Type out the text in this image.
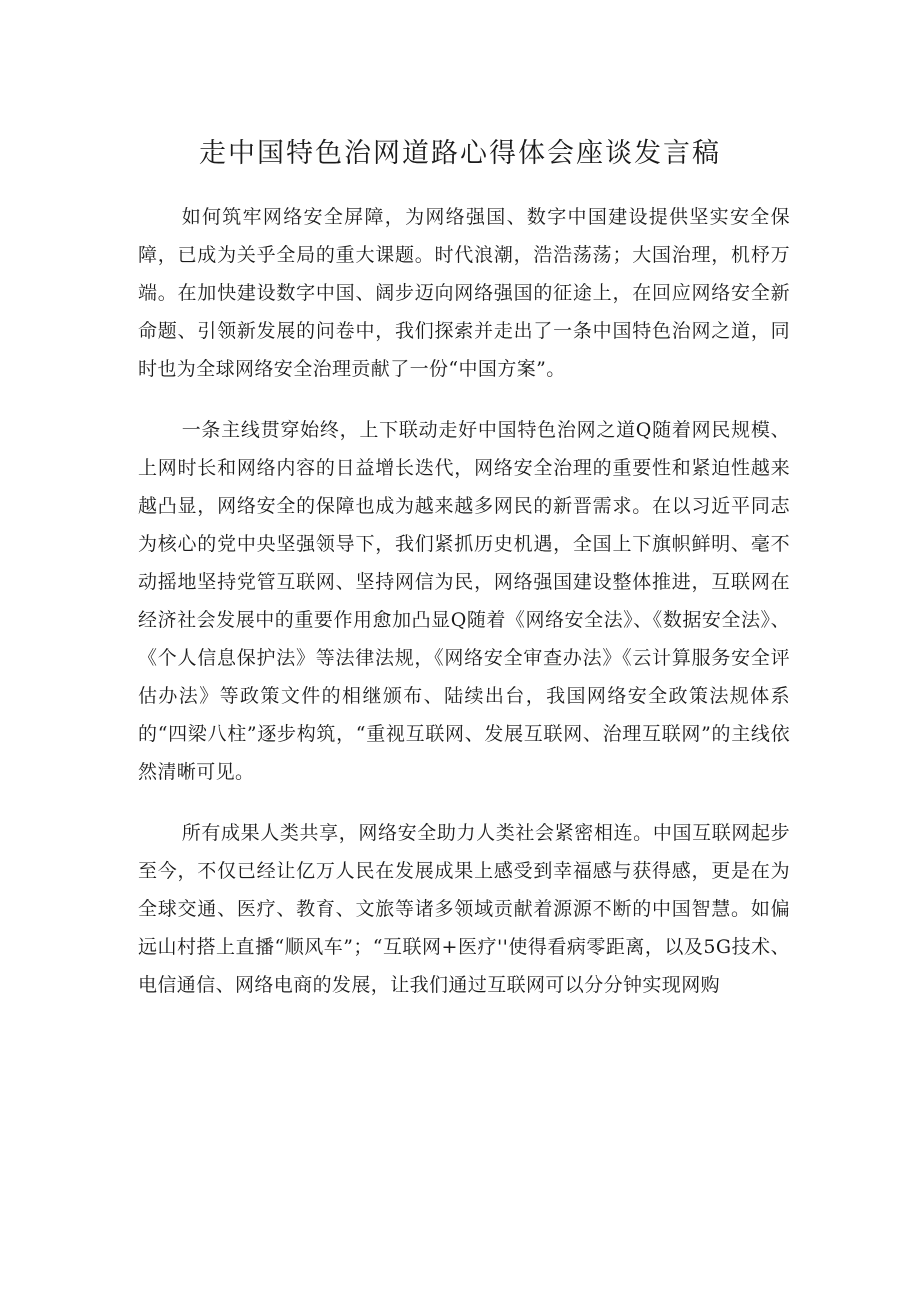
走中国特色治网道路心得体会座谈发言稿

如何筑牢网络安全屏障，为网络强国、数字中国建设提供坚实安全保障，已成为关乎全局的重大课题。时代浪潮，浩浩荡荡；大国治理，机杼万端。在加快建设数字中国、阔步迈向网络强国的征途上，在回应网络安全新命题、引领新发展的问卷中，我们探索并走出了一条中国特色治网之道，同时也为全球网络安全治理贡献了一份“中国方案”。

一条主线贯穿始终，上下联动走好中国特色治网之道Q随着网民规模、上网时长和网络内容的日益增长迭代，网络安全治理的重要性和紧迫性越来越凸显，网络安全的保障也成为越来越多网民的新晋需求。在以习近平同志为核心的党中央坚强领导下，我们紧抓历史机遇，全国上下旗帜鲜明、毫不动摇地坚持党管互联网、坚持网信为民，网络强国建设整体推进，互联网在经济社会发展中的重要作用愈加凸显Q随着《网络安全法》、《数据安全法》、《个人信息保护法》等法律法规，《网络安全审查办法》《云计算服务安全评估办法》等政策文件的相继颁布、陆续出台，我国网络安全政策法规体系的“四梁八柱”逐步构筑，“重视互联网、发展互联网、治理互联网”的主线依然清晰可见。

所有成果人类共享，网络安全助力人类社会紧密相连。中国互联网起步至今，不仅已经让亿万人民在发展成果上感受到幸福感与获得感，更是在为全球交通、医疗、教育、文旅等诸多领域贡献着源源不断的中国智慧。如偏远山村搭上直播“顺风车”；“互联网+医疗''使得看病零距离，以及5G技术、电信通信、网络电商的发展，让我们通过互联网可以分分钟实现网购
